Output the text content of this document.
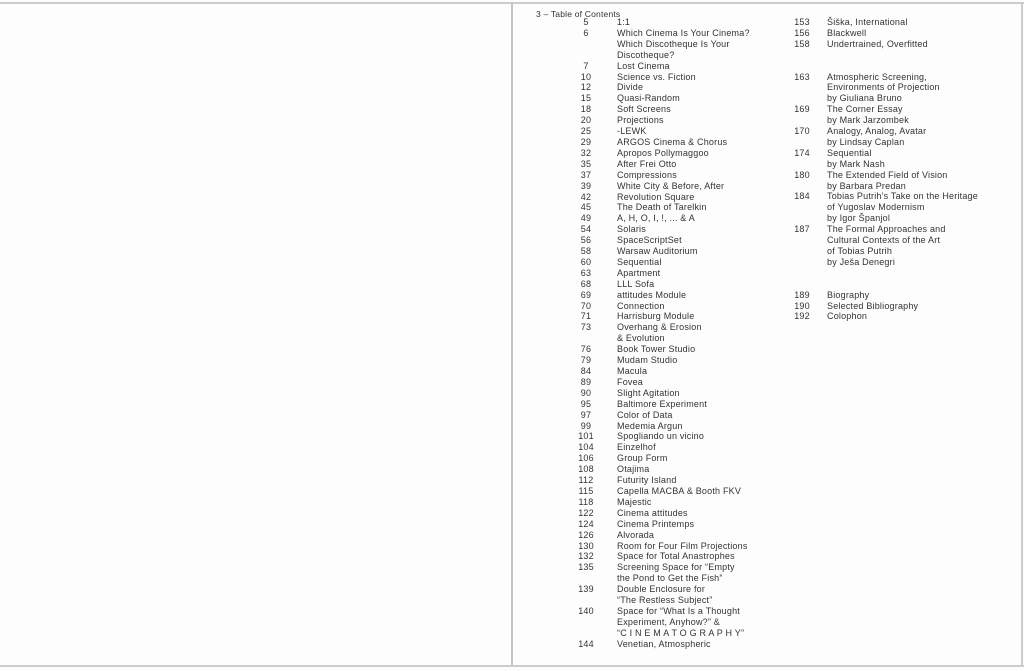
3 – Table of Contents
5	1:1
6	Which Cinema Is Your Cinema?
Which Discotheque Is Your
Discotheque?
7	Lost Cinema
10	Science vs. Fiction
12	Divide
15	Quasi-Random
18	Soft Screens
20	Projections
25	-LEWK
29	ARGOS Cinema & Chorus
32	Apropos Pollymaggoo
35	After Frei Otto
37	Compressions
39	White City & Before, After
42	Revolution Square
45	The Death of Tarelkin
49	A, H, O, I, !, ... & A
54	Solaris
56	SpaceScriptSet
58	Warsaw Auditorium
60	Sequential
63	Apartment
68	LLL Sofa
69	attitudes Module
70	Connection
71	Harrisburg Module
73	Overhang & Erosion
& Evolution
76	Book Tower Studio
79	Mudam Studio
84	Macula
89	Fovea
90	Slight Agitation
95	Baltimore Experiment
97	Color of Data
99	Medemia Argun
101	Spogliando un vicino
104	Einzelhof
106	Group Form
108	Otajima
112	Futurity Island
115	Capella MACBA & Booth FKV
118	Majestic
122	Cinema attitudes
124	Cinema Printemps
126	Alvorada
130	Room for Four Film Projections
132	Space for Total Anastrophes
135	Screening Space for “Empty
the Pond to Get the Fish”
139	Double Enclosure for
“The Restless Subject”
140	Space for “What Is a Thought
Experiment, Anyhow?” &
“C I N E M A T O G R A P H Y”
144	Venetian, Atmospheric
153	Šiška, International
156	Blackwell
158	Undertrained, Overfitted
163	Atmospheric Screening,
Environments of Projection
by Giuliana Bruno
169	The Corner Essay
by Mark Jarzombek
170	Analogy, Analog, Avatar
by Lindsay Caplan
174	Sequential
by Mark Nash
180	The Extended Field of Vision
by Barbara Predan
184	Tobias Putrih’s Take on the Heritage
of Yugoslav Modernism
by Igor Španjol
187	The Formal Approaches and
Cultural Contexts of the Art
of Tobias Putrih
by Ješa Denegri
189	Biography
190	Selected Bibliography
192	Colophon
